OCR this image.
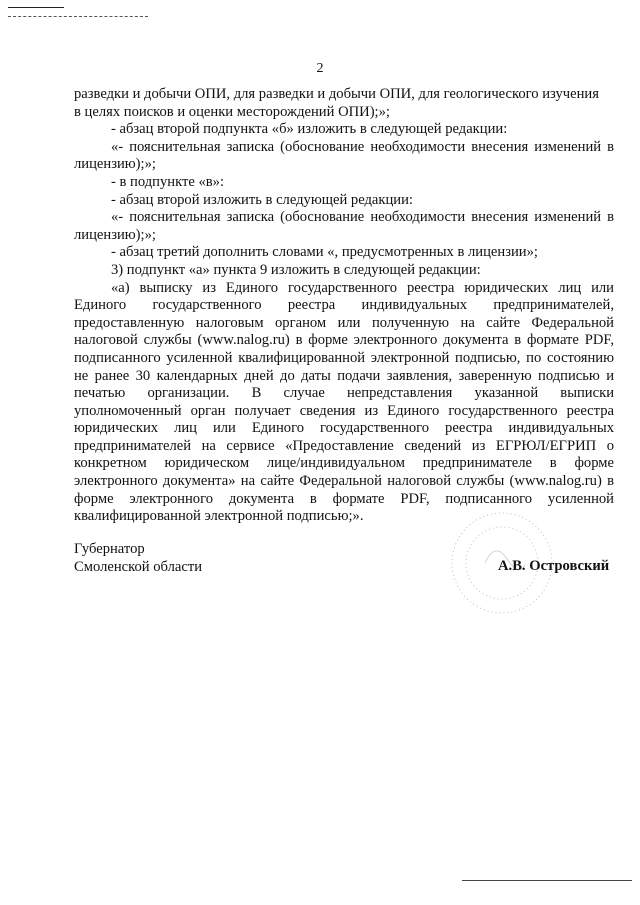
2

разведки и добычи ОПИ, для разведки и добычи ОПИ, для геологического изучения

в целях поисков и оценки месторождений ОПИ);»;

- абзац второй подпункта «б» изложить в следующей редакции:

«- пояснительная записка (обоснование необходимости внесения изменений в

лицензию);»;

- в подпункте «в»:

- абзац второй изложить в следующей редакции:

«- пояснительная записка (обоснование необходимости внесения изменений в

лицензию);»;

- абзац третий дополнить словами «, предусмотренных в лицензии»;

3) подпункт «а» пункта 9 изложить в следующей редакции:

«а) выписку из Единого государственного реестра юридических лиц или Единого государственного реестра индивидуальных предпринимателей, предоставленную налоговым органом или полученную на сайте Федеральной налоговой службы (www.nalog.ru) в форме электронного документа в формате PDF, подписанного усиленной квалифицированной электронной подписью, по состоянию не ранее 30 календарных дней до даты подачи заявления, заверенную подписью и печатью организации. В случае непредставления указанной выписки уполномоченный орган получает сведения из Единого государственного реестра юридических лиц или Единого государственного реестра индивидуальных предпринимателей на сервисе «Предоставление сведений из ЕГРЮЛ/ЕГРИП о конкретном юридическом лице/индивидуальном предпринимателе в форме электронного документа» на сайте Федеральной налоговой службы (www.nalog.ru) в форме электронного документа в формате PDF, подписанного усиленной квалифицированной электронной подписью;».

Губернатор
Смоленской области	А.В. Островский
